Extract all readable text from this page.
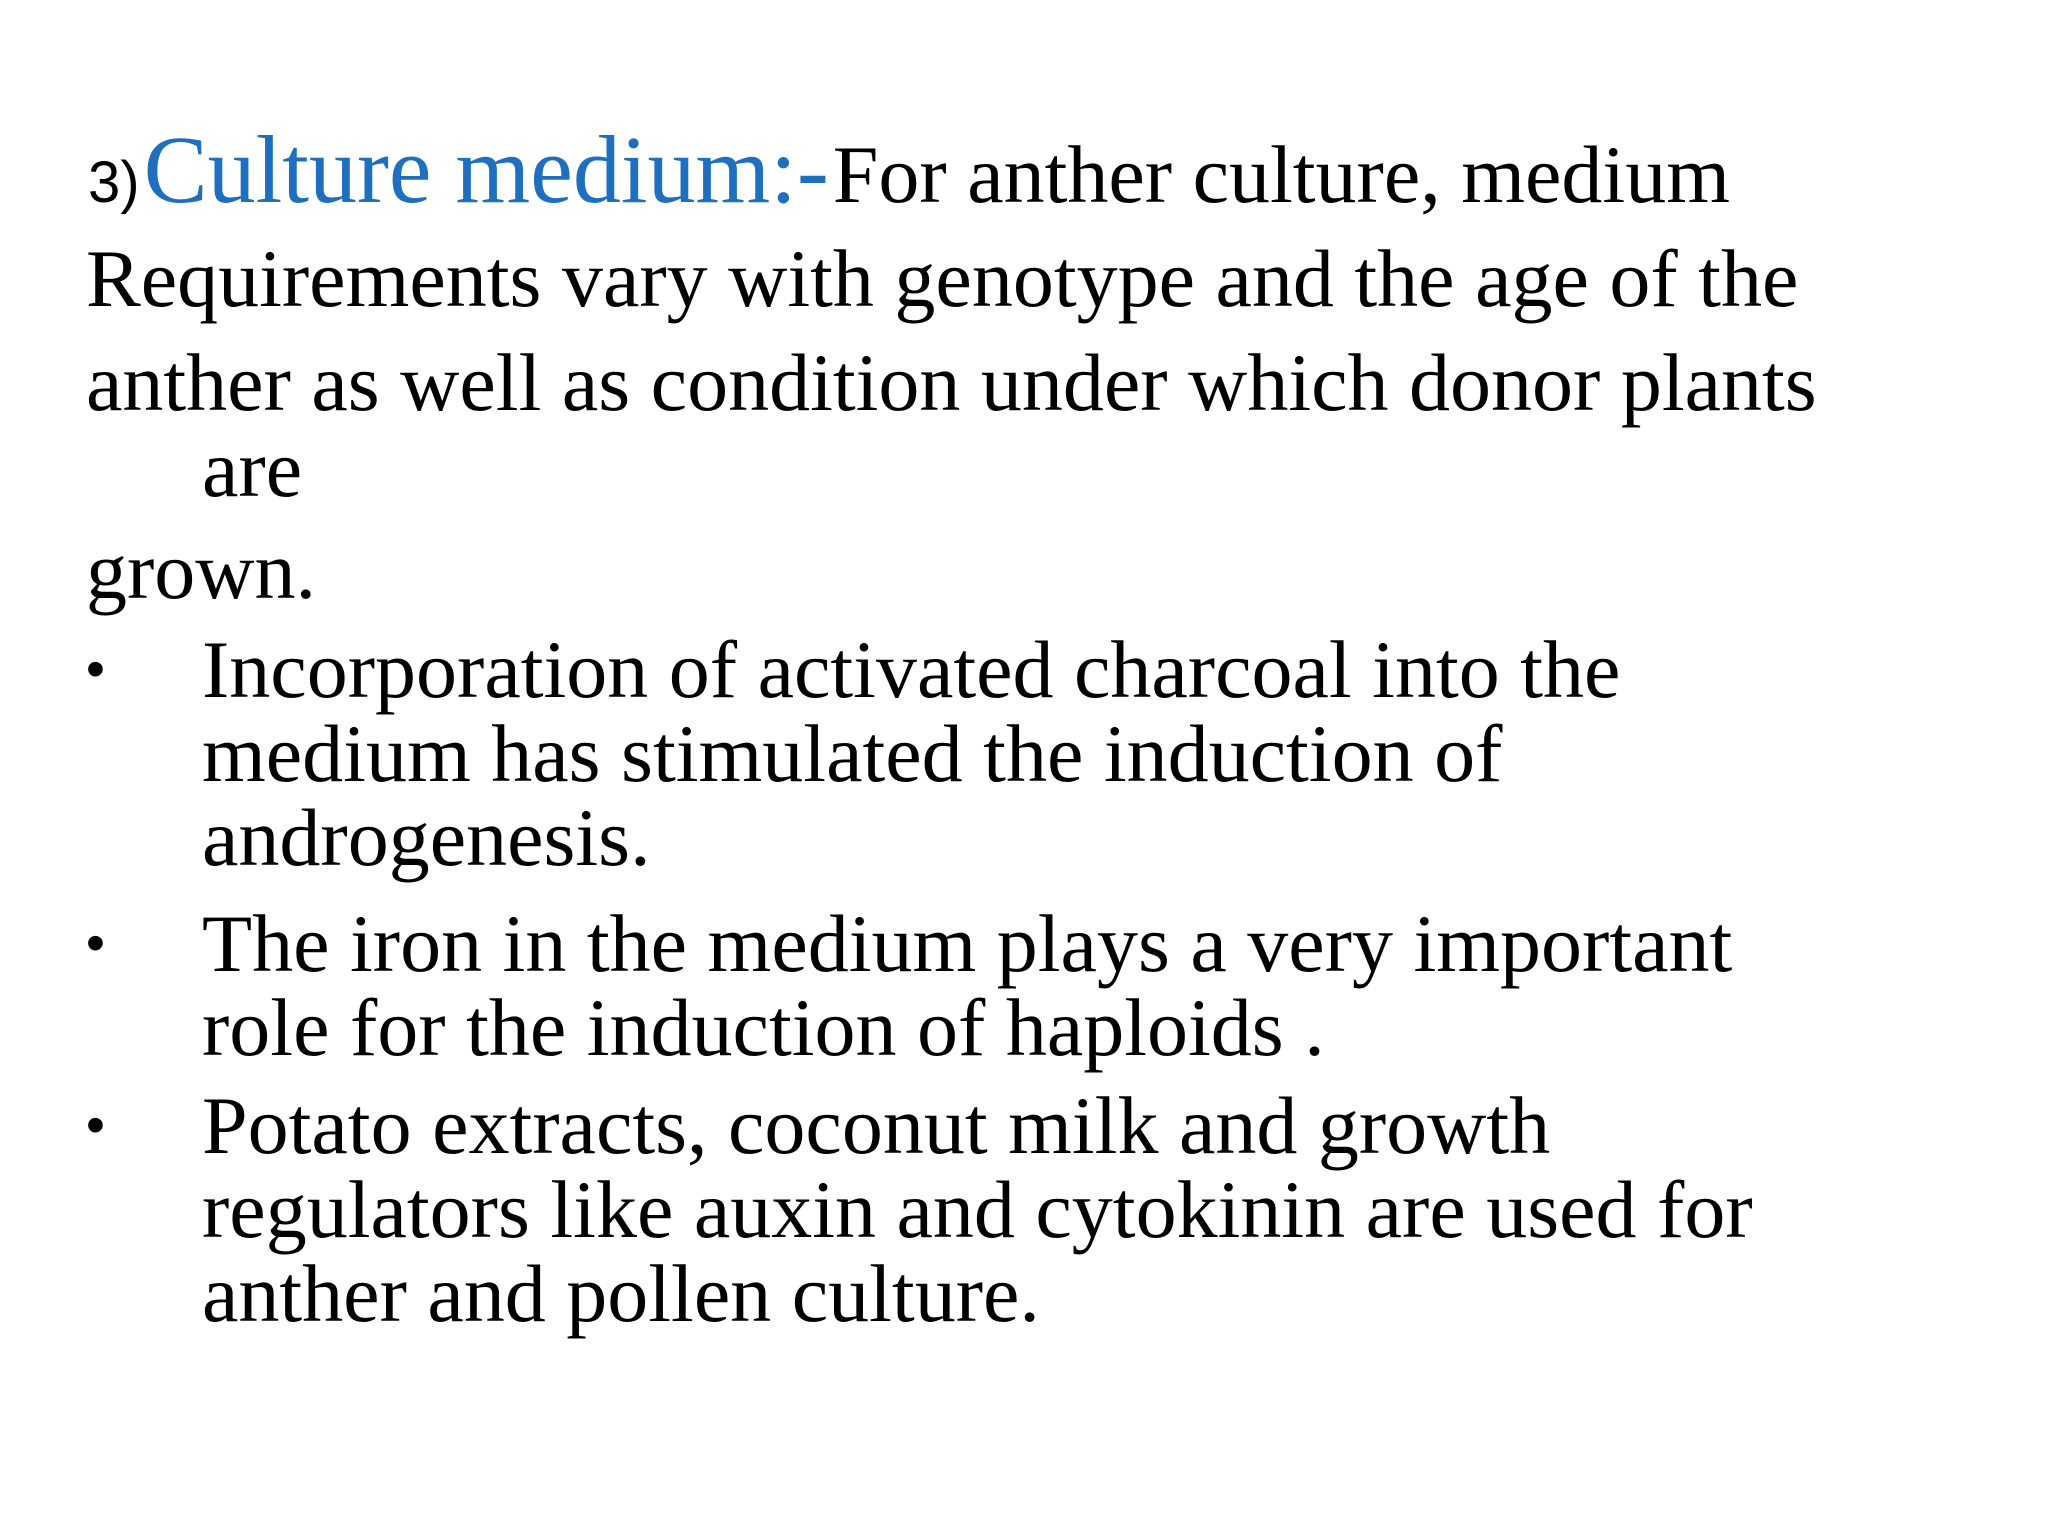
3) Culture medium:- For anther culture, medium
Requirements vary with genotype and the age of the
anther as well as condition under which donor plants
are
grown.
• Incorporation of activated charcoal into the
medium has stimulated the induction of
androgenesis.
• The iron in the medium plays a very important
role for the induction of haploids .
• Potato extracts, coconut milk and growth
regulators like auxin and cytokinin are used for
anther and pollen culture.
